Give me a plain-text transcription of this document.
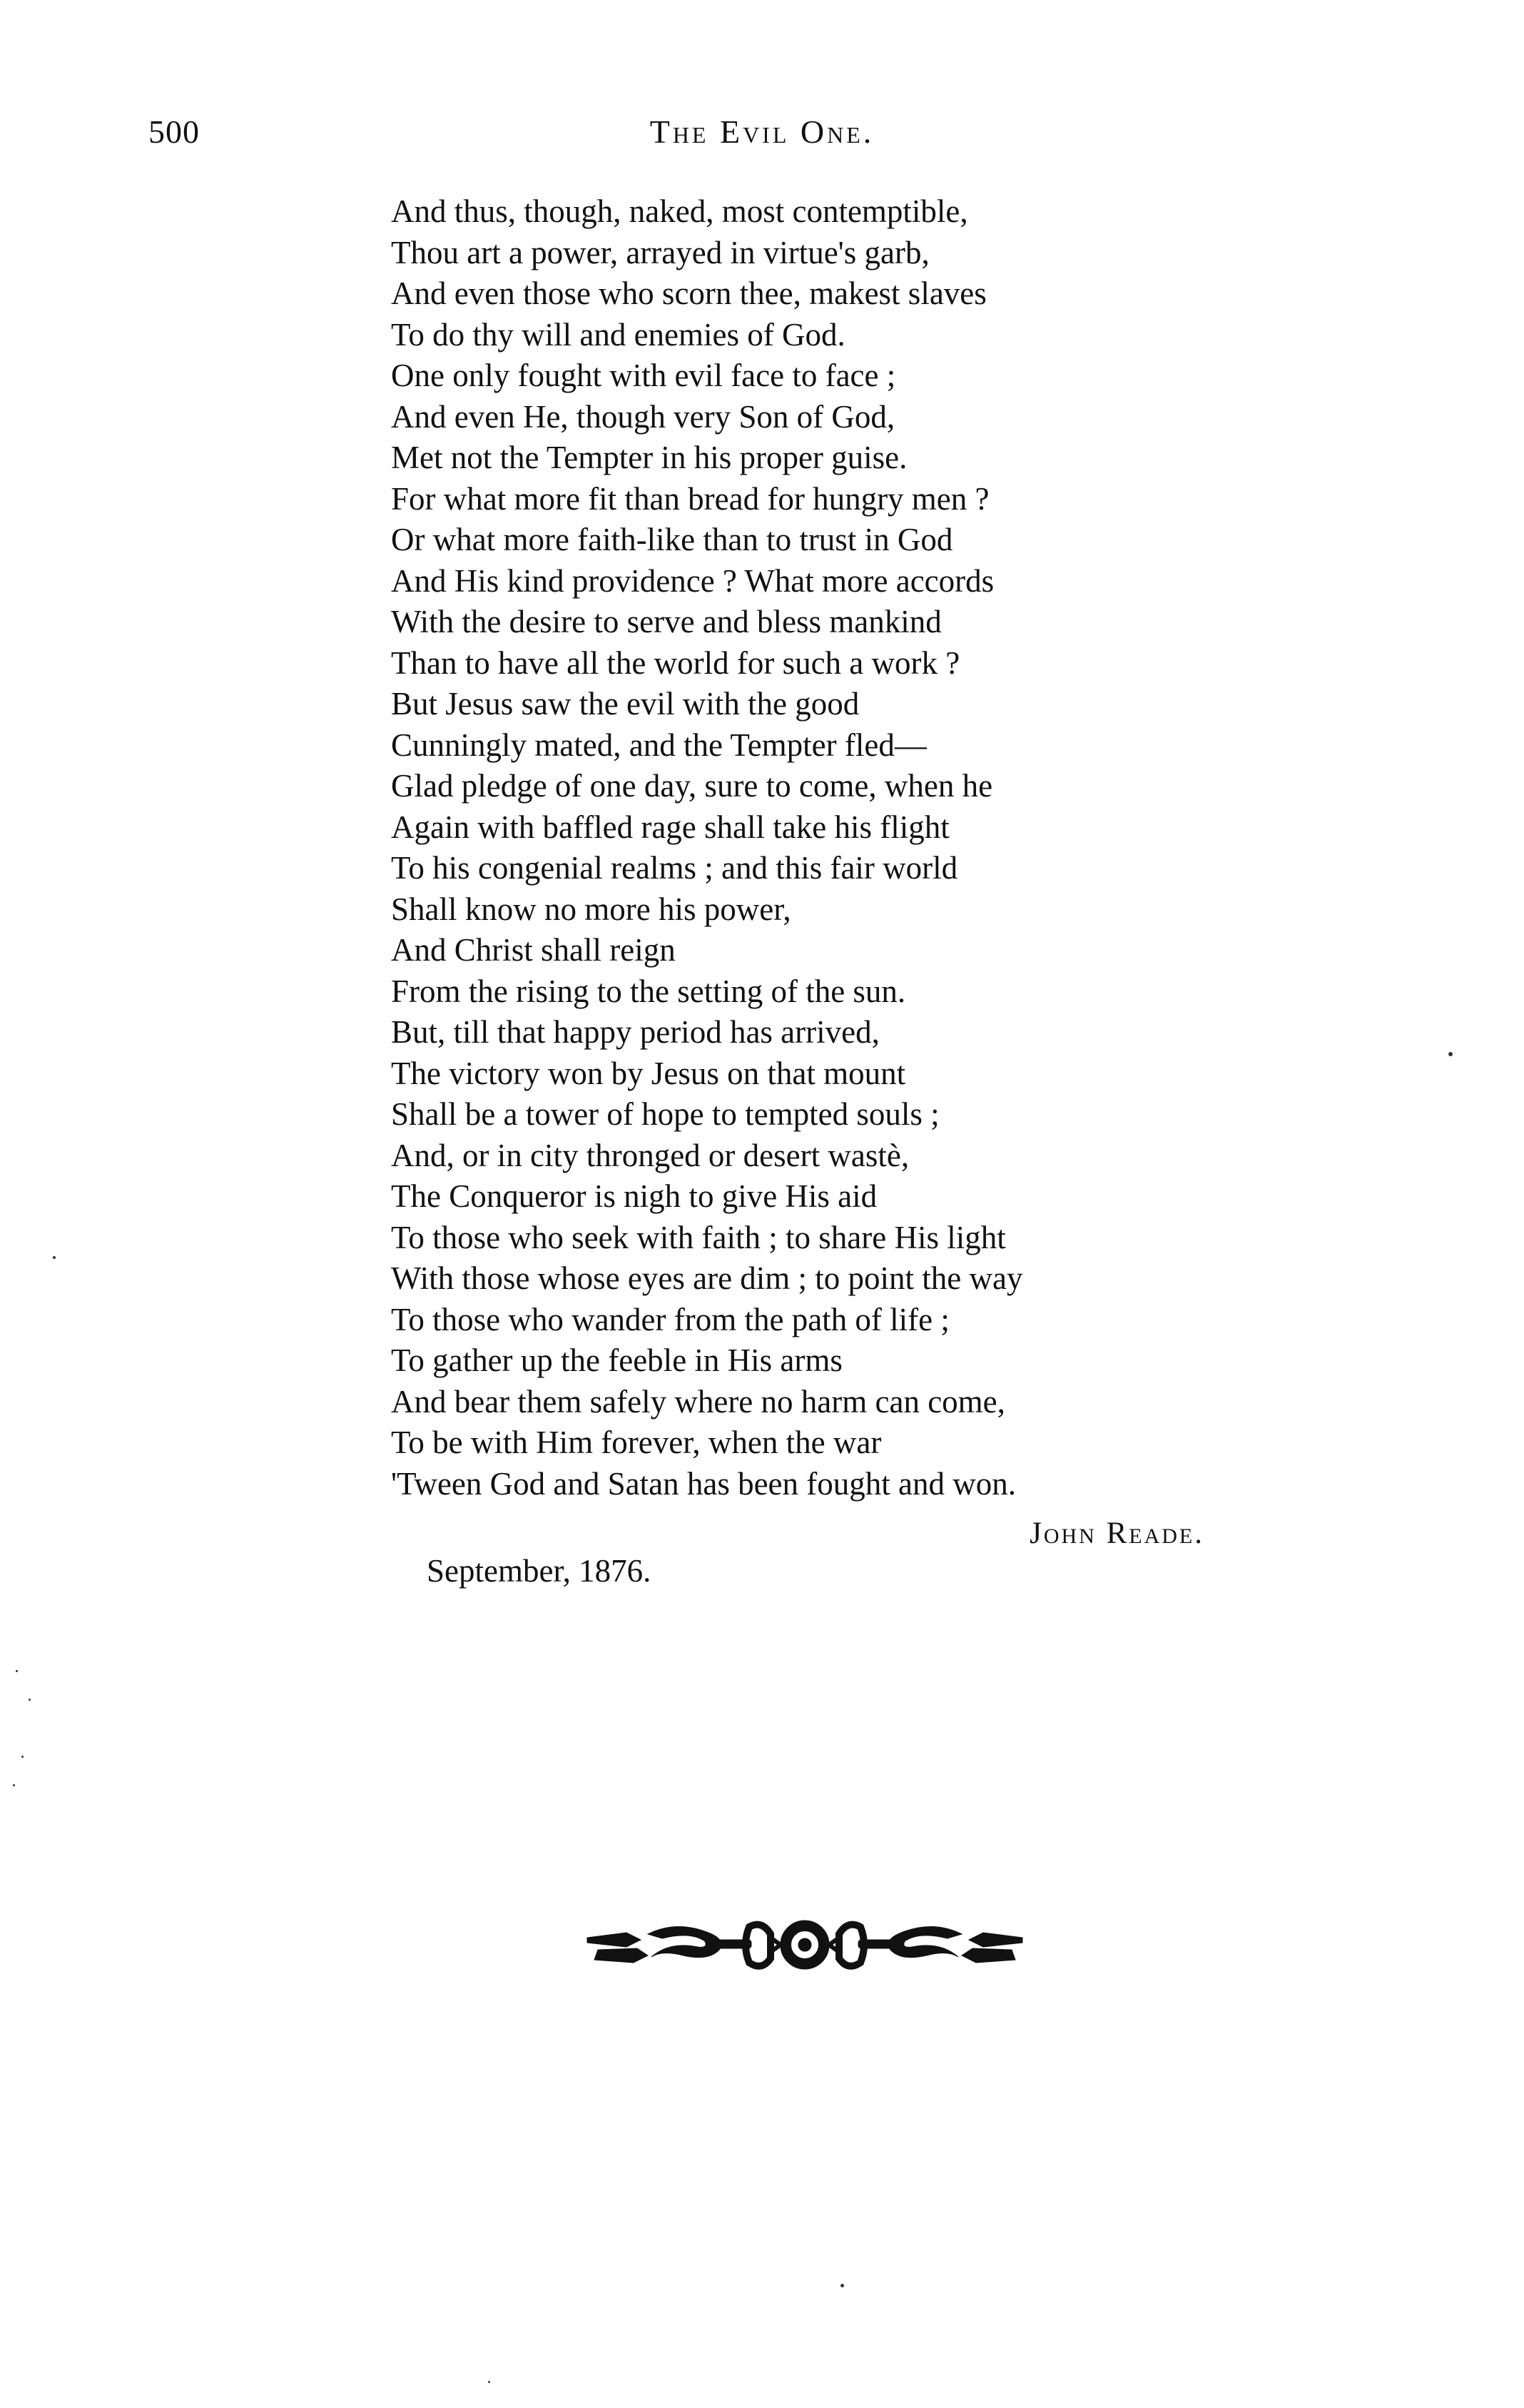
500	The Evil One.
And thus, though, naked, most contemptible,
Thou art a power, arrayed in virtue's garb,
And even those who scorn thee, makest slaves
To do thy will and enemies of God.
One only fought with evil face to face ;
And even He, though very Son of God,
Met not the Tempter in his proper guise.
For what more fit than bread for hungry men ?
Or what more faith-like than to trust in God
And His kind providence ? What more accords
With the desire to serve and bless mankind
Than to have all the world for such a work ?
But Jesus saw the evil with the good
Cunningly mated, and the Tempter fled—
Glad pledge of one day, sure to come, when he
Again with baffled rage shall take his flight
To his congenial realms ; and this fair world
Shall know no more his power,
And Christ shall reign
From the rising to the setting of the sun.
But, till that happy period has arrived,
The victory won by Jesus on that mount
Shall be a tower of hope to tempted souls ;
And, or in city thronged or desert wastè,
The Conqueror is nigh to give His aid
To those who seek with faith ; to share His light
With those whose eyes are dim ; to point the way
To those who wander from the path of life ;
To gather up the feeble in His arms
And bear them safely where no harm can come,
To be with Him forever, when the war
'Tween God and Satan has been fought and won.
John Reade.
September, 1876.
